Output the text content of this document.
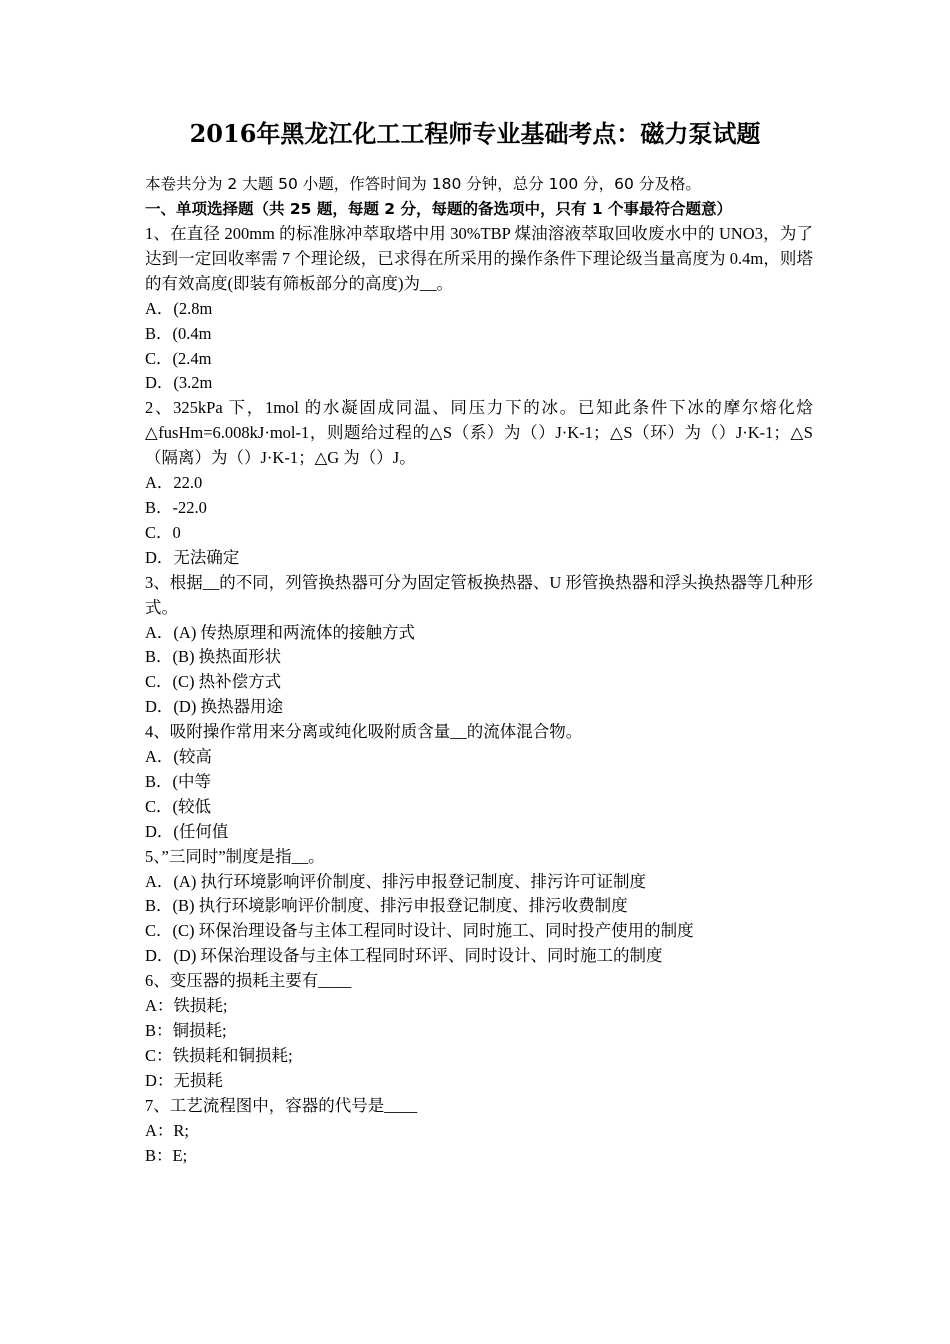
2016年黑龙江化工工程师专业基础考点：磁力泵试题
本卷共分为 2 大题 50 小题，作答时间为 180 分钟，总分 100 分，60 分及格。
一、单项选择题（共 25 题，每题 2 分，每题的备选项中，只有 1 个事最符合题意）
1、在直径 200mm 的标准脉冲萃取塔中用 30%TBP 煤油溶液萃取回收废水中的 UNO3，为了达到一定回收率需 7 个理论级，已求得在所采用的操作条件下理论级当量高度为 0.4m，则塔的有效高度(即装有筛板部分的高度)为__。
A．(2.8m
B．(0.4m
C．(2.4m
D．(3.2m
2、325kPa 下，1mol 的水凝固成同温、同压力下的冰。已知此条件下冰的摩尔熔化焓△fusHm=6.008kJ·mol-1，则题给过程的△S（系）为（）J·K-1；△S（环）为（）J·K-1；△S（隔离）为（）J·K-1；△G 为（）J。
A．22.0
B．-22.0
C．0
D．无法确定
3、根据__的不同，列管换热器可分为固定管板换热器、U 形管换热器和浮头换热器等几种形式。
A．(A) 传热原理和两流体的接触方式
B．(B) 换热面形状
C．(C) 热补偿方式
D．(D) 换热器用途
4、吸附操作常用来分离或纯化吸附质含量__的流体混合物。
A．(较高
B．(中等
C．(较低
D．(任何值
5、”三同时”制度是指__。
A．(A) 执行环境影响评价制度、排污申报登记制度、排污许可证制度
B．(B) 执行环境影响评价制度、排污申报登记制度、排污收费制度
C．(C) 环保治理设备与主体工程同时设计、同时施工、同时投产使用的制度
D．(D) 环保治理设备与主体工程同时环评、同时设计、同时施工的制度
6、变压器的损耗主要有____
A：铁损耗;
B：铜损耗;
C：铁损耗和铜损耗;
D：无损耗
7、工艺流程图中，容器的代号是____
A：R;
B：E;
